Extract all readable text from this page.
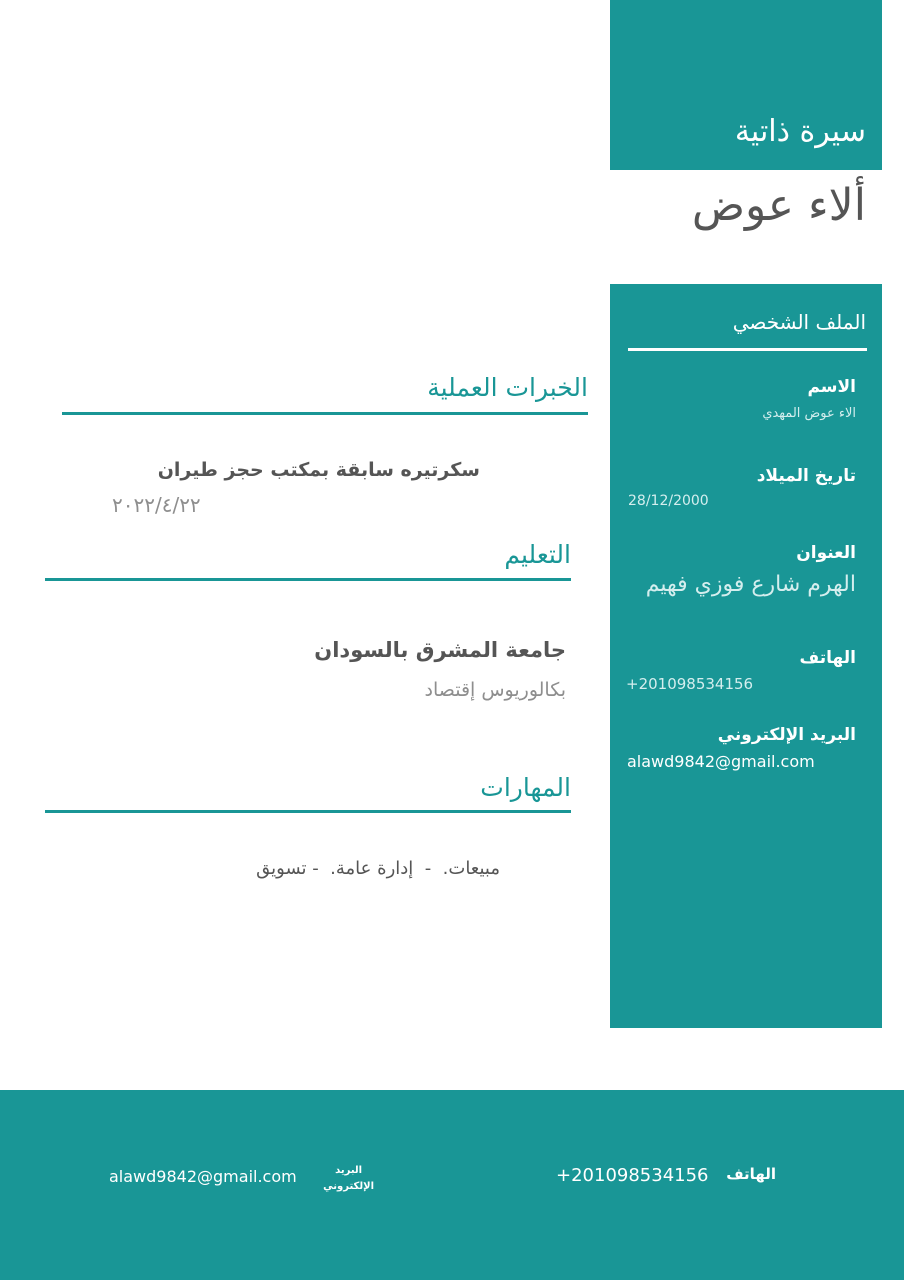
سيرة ذاتية
ألاء عوض
الملف الشخصي
الاسم
الاء عوض المهدي
تاريخ الميلاد
28/12/2000
العنوان
الهرم شارع فوزي فهيم
الهاتف
+201098534156
البريد الإلكتروني
alawd9842@gmail.com
الخبرات العملية
سكرتيره سابقة بمكتب حجز طيران
٢٠٢٢/٤/٢٢
التعليم
جامعة المشرق بالسودان
بكالوريوس إقتصاد
المهارات
مبيعات.  -  إدارة عامة.  - تسويق
الهاتف
+201098534156
البريد
الإلكتروني
alawd9842@gmail.com
